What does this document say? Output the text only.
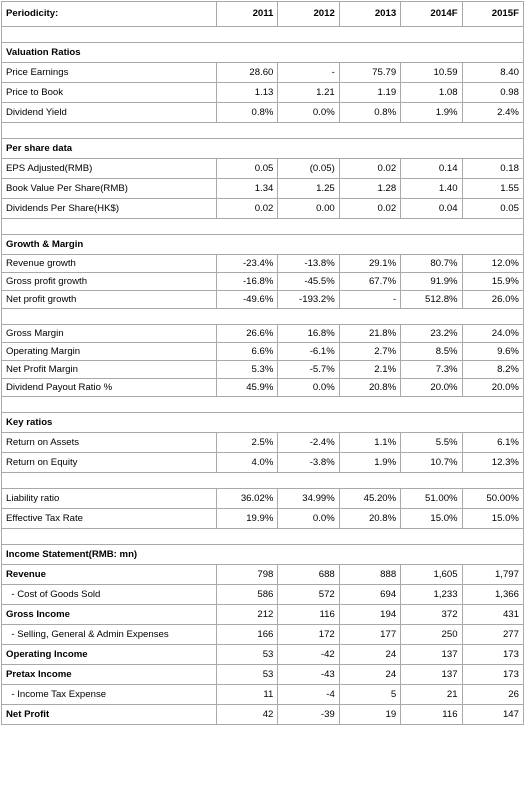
Periodicity:	2011	2012	2013	2014F	2015F

Valuation Ratios					
Price Earnings	28.60	-	75.79	10.59	8.40
Price to Book	1.13	1.21	1.19	1.08	0.98
Dividend Yield	0.8%	0.0%	0.8%	1.9%	2.4%

Per share data					
EPS Adjusted(RMB)	0.05	(0.05)	0.02	0.14	0.18
Book Value Per Share(RMB)	1.34	1.25	1.28	1.40	1.55
Dividends Per Share(HK$)	0.02	0.00	0.02	0.04	0.05

Growth & Margin					
Revenue growth	-23.4%	-13.8%	29.1%	80.7%	12.0%
Gross profit growth	-16.8%	-45.5%	67.7%	91.9%	15.9%
Net profit growth	-49.6%	-193.2%	-	512.8%	26.0%

Gross Margin	26.6%	16.8%	21.8%	23.2%	24.0%
Operating Margin	6.6%	-6.1%	2.7%	8.5%	9.6%
Net Profit Margin	5.3%	-5.7%	2.1%	7.3%	8.2%
Dividend Payout Ratio %	45.9%	0.0%	20.8%	20.0%	20.0%

Key ratios					
Return on Assets	2.5%	-2.4%	1.1%	5.5%	6.1%
Return on Equity	4.0%	-3.8%	1.9%	10.7%	12.3%

Liability ratio	36.02%	34.99%	45.20%	51.00%	50.00%
Effective Tax Rate	19.9%	0.0%	20.8%	15.0%	15.0%

Income Statement(RMB: mn)					
Revenue	798	688	888	1,605	1,797
- Cost of Goods Sold	586	572	694	1,233	1,366
Gross Income	212	116	194	372	431
- Selling, General & Admin Expenses	166	172	177	250	277
Operating Income	53	-42	24	137	173
Pretax Income	53	-43	24	137	173
- Income Tax Expense	11	-4	5	21	26
Net Profit	42	-39	19	116	147
